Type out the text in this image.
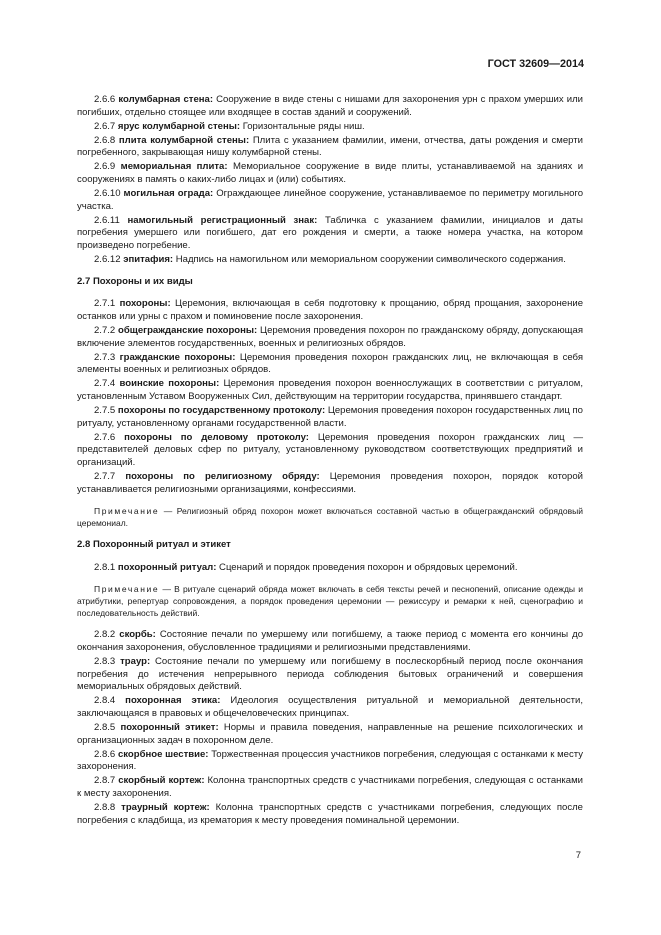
ГОСТ 32609—2014

2.6.6 колумбарная стена: Сооружение в виде стены с нишами для захоронения урн с прахом умерших или погибших, отдельно стоящее или входящее в состав зданий и сооружений.

2.6.7 ярус колумбарной стены: Горизонтальные ряды ниш.

2.6.8 плита колумбарной стены: Плита с указанием фамилии, имени, отчества, даты рождения и смерти погребенного, закрывающая нишу колумбарной стены.

2.6.9 мемориальная плита: Мемориальное сооружение в виде плиты, устанавливаемой на зданиях и сооружениях в память о каких-либо лицах и (или) событиях.

2.6.10 могильная ограда: Ограждающее линейное сооружение, устанавливаемое по периметру могильного участка.

2.6.11 намогильный регистрационный знак: Табличка с указанием фамилии, инициалов и даты погребения умершего или погибшего, дат его рождения и смерти, а также номера участка, на котором произведено погребение.

2.6.12 эпитафия: Надпись на намогильном или мемориальном сооружении символического содержания.

2.7 Похороны и их виды

2.7.1 похороны: Церемония, включающая в себя подготовку к прощанию, обряд прощания, захоронение останков или урны с прахом и поминовение после захоронения.

2.7.2 общегражданские похороны: Церемония проведения похорон по гражданскому обряду, допускающая включение элементов государственных, военных и религиозных обрядов.

2.7.3 гражданские похороны: Церемония проведения похорон гражданских лиц, не включающая в себя элементы военных и религиозных обрядов.

2.7.4 воинские похороны: Церемония проведения похорон военнослужащих в соответствии с ритуалом, установленным Уставом Вооруженных Сил, действующим на территории государства, принявшего стандарт.

2.7.5 похороны по государственному протоколу: Церемония проведения похорон государственных лиц по ритуалу, установленному органами государственной власти.

2.7.6 похороны по деловому протоколу: Церемония проведения похорон гражданских лиц — представителей деловых сфер по ритуалу, установленному руководством соответствующих предприятий и организаций.

2.7.7 похороны по религиозному обряду: Церемония проведения похорон, порядок которой устанавливается религиозными организациями, конфессиями.

Примечание — Религиозный обряд похорон может включаться составной частью в общегражданский обрядовый церемониал.

2.8 Похоронный ритуал и этикет

2.8.1 похоронный ритуал: Сценарий и порядок проведения похорон и обрядовых церемоний.

Примечание — В ритуале сценарий обряда может включать в себя тексты речей и песнопений, описание одежды и атрибутики, репертуар сопровождения, а порядок проведения церемонии — режиссуру и ремарки к ней, сценографию и последовательность действий.

2.8.2 скорбь: Состояние печали по умершему или погибшему, а также период с момента его кончины до окончания захоронения, обусловленное традициями и религиозными представлениями.

2.8.3 траур: Состояние печали по умершему или погибшему в послескорбный период после окончания погребения до истечения непрерывного периода соблюдения бытовых ограничений и совершения мемориальных обрядовых действий.

2.8.4 похоронная этика: Идеология осуществления ритуальной и мемориальной деятельности, заключающаяся в правовых и общечеловеческих принципах.

2.8.5 похоронный этикет: Нормы и правила поведения, направленные на решение психологических и организационных задач в похоронном деле.

2.8.6 скорбное шествие: Торжественная процессия участников погребения, следующая с останками к месту захоронения.

2.8.7 скорбный кортеж: Колонна транспортных средств с участниками погребения, следующая с останками к месту захоронения.

2.8.8 траурный кортеж: Колонна транспортных средств с участниками погребения, следующих после погребения с кладбища, из крематория к месту проведения поминальной церемонии.

7
